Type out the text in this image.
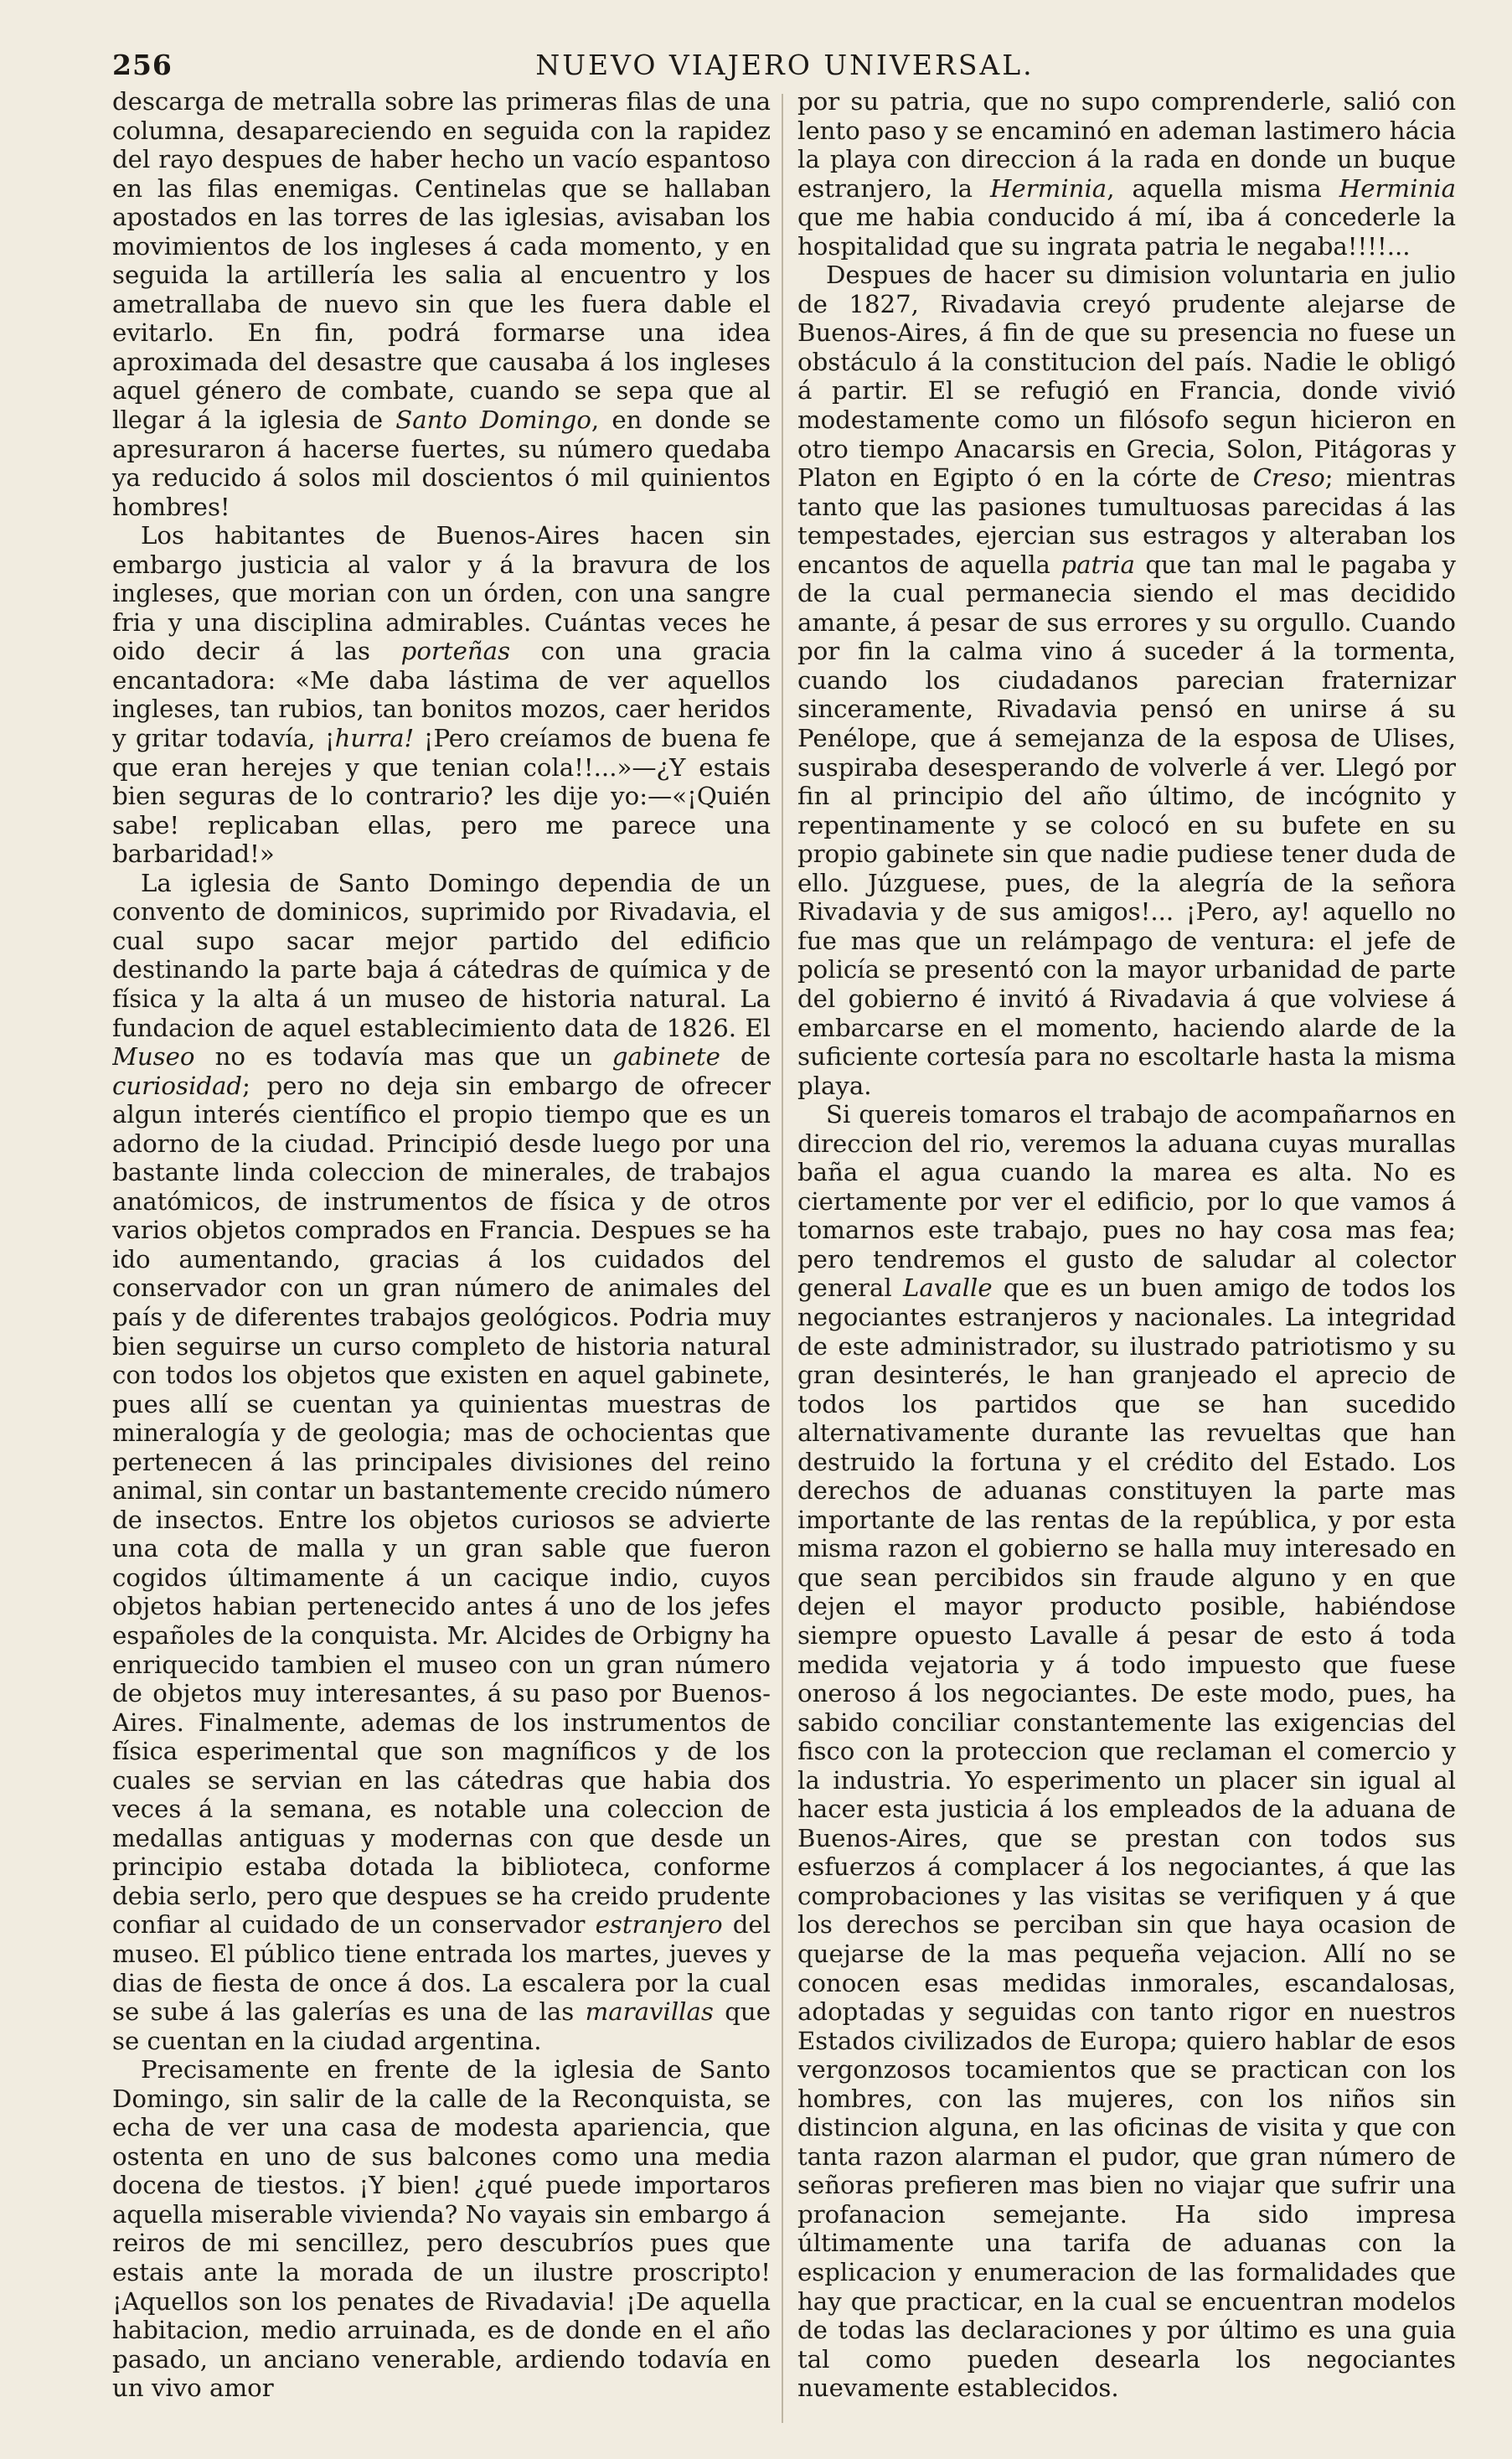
256	NUEVO VIAJERO UNIVERSAL.

descarga de metralla sobre las primeras filas de una columna, desapareciendo en seguida con la rapidez del rayo despues de haber hecho un vacío espantoso en las filas enemigas. Centinelas que se hallaban apostados en las torres de las iglesias, avisaban los movimientos de los ingleses á cada momento, y en seguida la artillería les salia al encuentro y los ametrallaba de nuevo sin que les fuera dable el evitarlo. En fin, podrá formarse una idea aproximada del desastre que causaba á los ingleses aquel género de combate, cuando se sepa que al llegar á la iglesia de Santo Domingo, en donde se apresuraron á hacerse fuertes, su número quedaba ya reducido á solos mil doscientos ó mil quinientos hombres!

Los habitantes de Buenos-Aires hacen sin embargo justicia al valor y á la bravura de los ingleses, que morian con un órden, con una sangre fria y una disciplina admirables. Cuántas veces he oido decir á las porteñas con una gracia encantadora: «Me daba lástima de ver aquellos ingleses, tan rubios, tan bonitos mozos, caer heridos y gritar todavía, ¡hurra! ¡Pero creíamos de buena fe que eran herejes y que tenian cola!!...»—¿Y estais bien seguras de lo contrario? les dije yo:—«¡Quién sabe! replicaban ellas, pero me parece una barbaridad!»

La iglesia de Santo Domingo dependia de un convento de dominicos, suprimido por Rivadavia, el cual supo sacar mejor partido del edificio destinando la parte baja á cátedras de química y de física y la alta á un museo de historia natural. La fundacion de aquel establecimiento data de 1826. El Museo no es todavía mas que un gabinete de curiosidad; pero no deja sin embargo de ofrecer algun interés científico el propio tiempo que es un adorno de la ciudad. Principió desde luego por una bastante linda coleccion de minerales, de trabajos anatómicos, de instrumentos de física y de otros varios objetos comprados en Francia. Despues se ha ido aumentando, gracias á los cuidados del conservador con un gran número de animales del país y de diferentes trabajos geológicos. Podria muy bien seguirse un curso completo de historia natural con todos los objetos que existen en aquel gabinete, pues allí se cuentan ya quinientas muestras de mineralogía y de geologia; mas de ochocientas que pertenecen á las principales divisiones del reino animal, sin contar un bastantemente crecido número de insectos. Entre los objetos curiosos se advierte una cota de malla y un gran sable que fueron cogidos últimamente á un cacique indio, cuyos objetos habian pertenecido antes á uno de los jefes españoles de la conquista. Mr. Alcides de Orbigny ha enriquecido tambien el museo con un gran número de objetos muy interesantes, á su paso por Buenos-Aires. Finalmente, ademas de los instrumentos de física esperimental que son magníficos y de los cuales se servian en las cátedras que habia dos veces á la semana, es notable una coleccion de medallas antiguas y modernas con que desde un principio estaba dotada la biblioteca, conforme debia serlo, pero que despues se ha creido prudente confiar al cuidado de un conservador estranjero del museo. El público tiene entrada los martes, jueves y dias de fiesta de once á dos. La escalera por la cual se sube á las galerías es una de las maravillas que se cuentan en la ciudad argentina.

Precisamente en frente de la iglesia de Santo Domingo, sin salir de la calle de la Reconquista, se echa de ver una casa de modesta apariencia, que ostenta en uno de sus balcones como una media docena de tiestos. ¡Y bien! ¿qué puede importaros aquella miserable vivienda? No vayais sin embargo á reiros de mi sencillez, pero descubríos pues que estais ante la morada de un ilustre proscripto! ¡Aquellos son los penates de Rivadavia! ¡De aquella habitacion, medio arruinada, es de donde en el año pasado, un anciano venerable, ardiendo todavía en un vivo amor

por su patria, que no supo comprenderle, salió con lento paso y se encaminó en ademan lastimero hácia la playa con direccion á la rada en donde un buque estranjero, la Herminia, aquella misma Herminia que me habia conducido á mí, iba á concederle la hospitalidad que su ingrata patria le negaba!!!!...

Despues de hacer su dimision voluntaria en julio de 1827, Rivadavia creyó prudente alejarse de Buenos-Aires, á fin de que su presencia no fuese un obstáculo á la constitucion del país. Nadie le obligó á partir. El se refugió en Francia, donde vivió modestamente como un filósofo segun hicieron en otro tiempo Anacarsis en Grecia, Solon, Pitágoras y Platon en Egipto ó en la córte de Creso; mientras tanto que las pasiones tumultuosas parecidas á las tempestades, ejercian sus estragos y alteraban los encantos de aquella patria que tan mal le pagaba y de la cual permanecia siendo el mas decidido amante, á pesar de sus errores y su orgullo. Cuando por fin la calma vino á suceder á la tormenta, cuando los ciudadanos parecian fraternizar sinceramente, Rivadavia pensó en unirse á su Penélope, que á semejanza de la esposa de Ulises, suspiraba desesperando de volverle á ver. Llegó por fin al principio del año último, de incógnito y repentinamente y se colocó en su bufete en su propio gabinete sin que nadie pudiese tener duda de ello. Júzguese, pues, de la alegría de la señora Rivadavia y de sus amigos!... ¡Pero, ay! aquello no fue mas que un relámpago de ventura: el jefe de policía se presentó con la mayor urbanidad de parte del gobierno é invitó á Rivadavia á que volviese á embarcarse en el momento, haciendo alarde de la suficiente cortesía para no escoltarle hasta la misma playa.

Si quereis tomaros el trabajo de acompañarnos en direccion del rio, veremos la aduana cuyas murallas baña el agua cuando la marea es alta. No es ciertamente por ver el edificio, por lo que vamos á tomarnos este trabajo, pues no hay cosa mas fea; pero tendremos el gusto de saludar al colector general Lavalle que es un buen amigo de todos los negociantes estranjeros y nacionales. La integridad de este administrador, su ilustrado patriotismo y su gran desinterés, le han granjeado el aprecio de todos los partidos que se han sucedido alternativamente durante las revueltas que han destruido la fortuna y el crédito del Estado. Los derechos de aduanas constituyen la parte mas importante de las rentas de la república, y por esta misma razon el gobierno se halla muy interesado en que sean percibidos sin fraude alguno y en que dejen el mayor producto posible, habiéndose siempre opuesto Lavalle á pesar de esto á toda medida vejatoria y á todo impuesto que fuese oneroso á los negociantes. De este modo, pues, ha sabido conciliar constantemente las exigencias del fisco con la proteccion que reclaman el comercio y la industria. Yo esperimento un placer sin igual al hacer esta justicia á los empleados de la aduana de Buenos-Aires, que se prestan con todos sus esfuerzos á complacer á los negociantes, á que las comprobaciones y las visitas se verifiquen y á que los derechos se perciban sin que haya ocasion de quejarse de la mas pequeña vejacion. Allí no se conocen esas medidas inmorales, escandalosas, adoptadas y seguidas con tanto rigor en nuestros Estados civilizados de Europa; quiero hablar de esos vergonzosos tocamientos que se practican con los hombres, con las mujeres, con los niños sin distincion alguna, en las oficinas de visita y que con tanta razon alarman el pudor, que gran número de señoras prefieren mas bien no viajar que sufrir una profanacion semejante. Ha sido impresa últimamente una tarifa de aduanas con la esplicacion y enumeracion de las formalidades que hay que practicar, en la cual se encuentran modelos de todas las declaraciones y por último es una guia tal como pueden desearla los negociantes nuevamente establecidos.
